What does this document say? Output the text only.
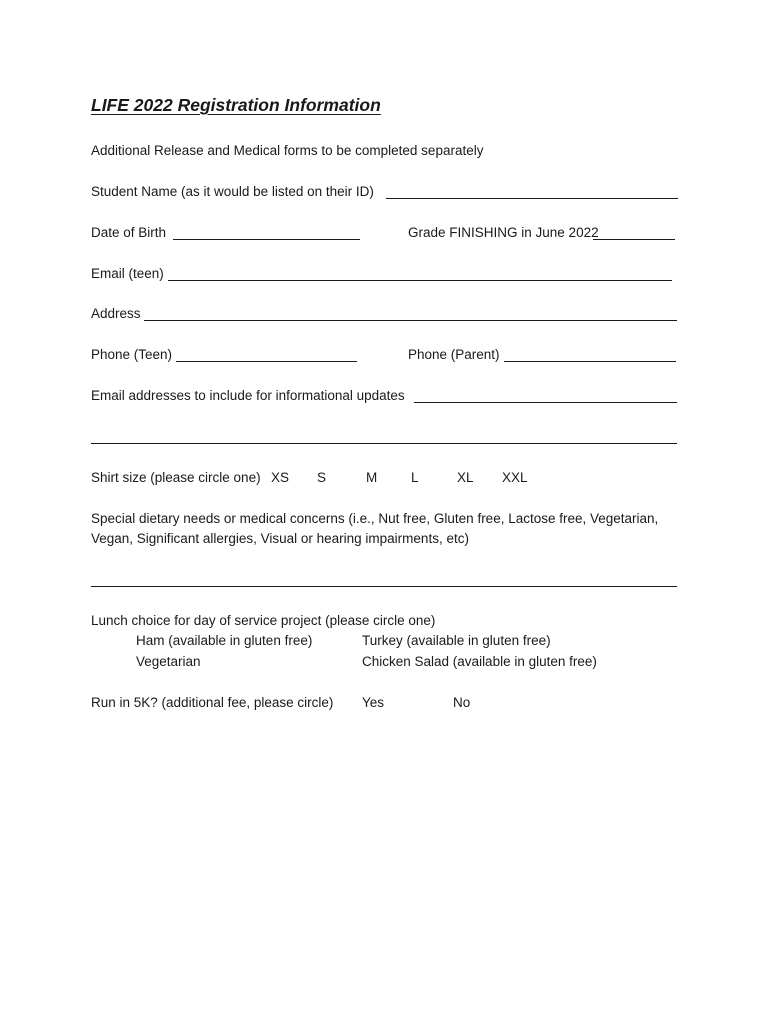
LIFE 2022 Registration Information
Additional Release and Medical forms to be completed separately
Student Name (as it would be listed on their ID)
Date of Birth	Grade FINISHING in June 2022
Email (teen)
Address
Phone (Teen)	Phone (Parent)
Email addresses to include for informational updates
Shirt size (please circle one) XS S	M	L	XL XXL
Special dietary needs or medical concerns (i.e., Nut free, Gluten free, Lactose free, Vegetarian,
Vegan, Significant allergies, Visual or hearing impairments, etc)
Lunch choice for day of service project (please circle one)
Ham (available in gluten free)	Turkey (available in gluten free)
Vegetarian	Chicken Salad (available in gluten free)
Run in 5K? (additional fee, please circle) Yes	No
